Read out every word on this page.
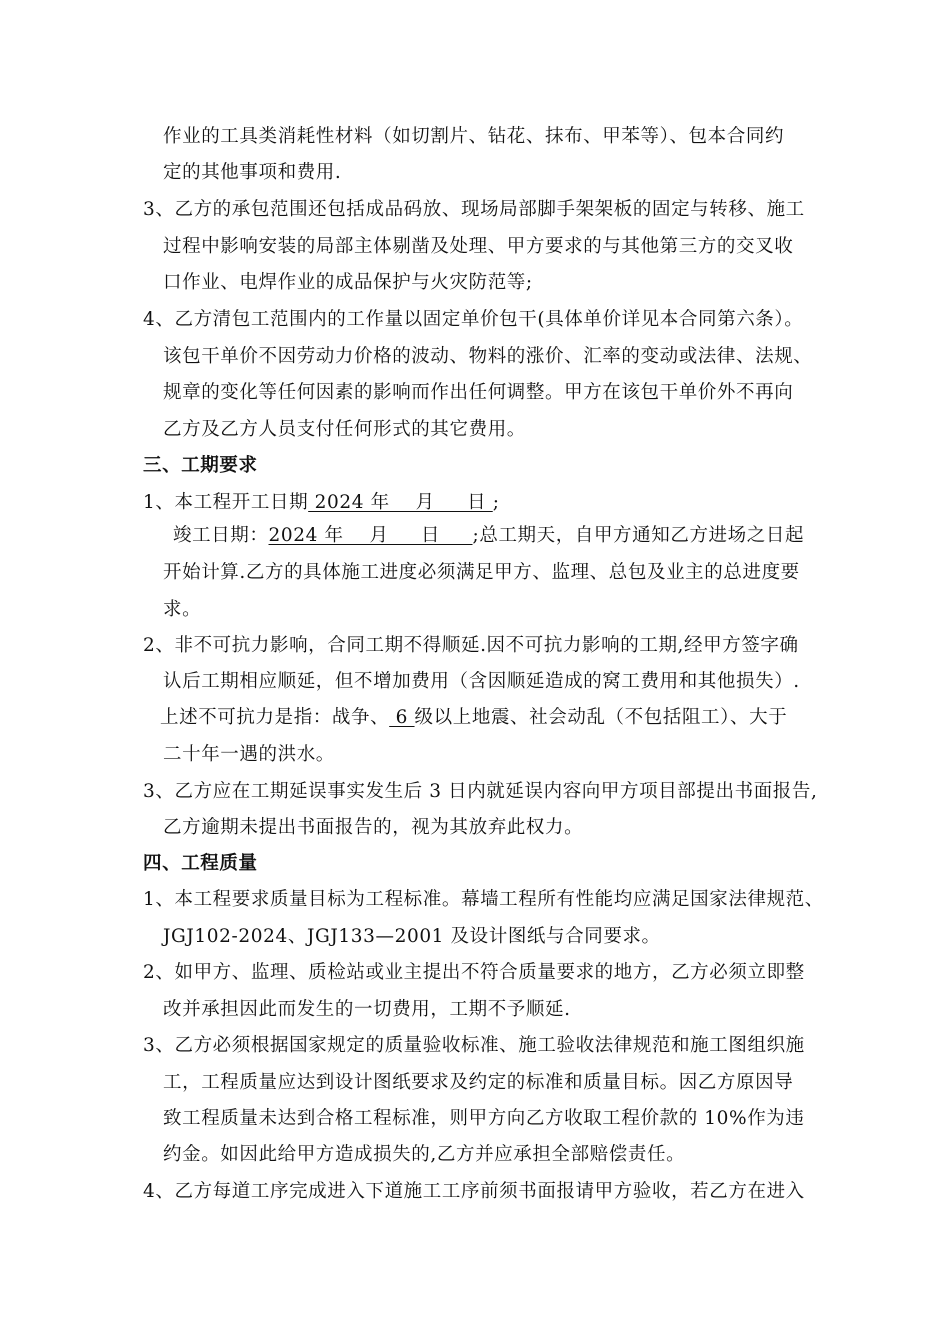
作业的工具类消耗性材料（如切割片、钻花、抹布、甲苯等）、包本合同约
定的其他事项和费用.
3、乙方的承包范围还包括成品码放、现场局部脚手架架板的固定与转移、施工
过程中影响安装的局部主体剔凿及处理、甲方要求的与其他第三方的交叉收
口作业、电焊作业的成品保护与火灾防范等;
4、乙方清包工范围内的工作量以固定单价包干(具体单价详见本合同第六条）。
该包干单价不因劳动力价格的波动、物料的涨价、汇率的变动或法律、法规、
规章的变化等任何因素的影响而作出任何调整。甲方在该包干单价外不再向
乙方及乙方人员支付任何形式的其它费用。
三、工期要求
1、本工程开工日期 2024 年    月     日 ;
竣工日期：2024 年    月     日     ;总工期天，自甲方通知乙方进场之日起
开始计算.乙方的具体施工进度必须满足甲方、监理、总包及业主的总进度要
求。
2、非不可抗力影响，合同工期不得顺延.因不可抗力影响的工期,经甲方签字确
认后工期相应顺延，但不增加费用（含因顺延造成的窝工费用和其他损失）.
上述不可抗力是指：战争、 6 级以上地震、社会动乱（不包括阻工）、大于
二十年一遇的洪水。
3、乙方应在工期延误事实发生后 3 日内就延误内容向甲方项目部提出书面报告,
乙方逾期未提出书面报告的，视为其放弃此权力。
四、工程质量
1、本工程要求质量目标为工程标准。幕墙工程所有性能均应满足国家法律规范、
JGJ102-2024、JGJ133—2001 及设计图纸与合同要求。
2、如甲方、监理、质检站或业主提出不符合质量要求的地方，乙方必须立即整
改并承担因此而发生的一切费用，工期不予顺延.
3、乙方必须根据国家规定的质量验收标准、施工验收法律规范和施工图组织施
工，工程质量应达到设计图纸要求及约定的标准和质量目标。因乙方原因导
致工程质量未达到合格工程标准，则甲方向乙方收取工程价款的 10%作为违
约金。如因此给甲方造成损失的,乙方并应承担全部赔偿责任。
4、乙方每道工序完成进入下道施工工序前须书面报请甲方验收，若乙方在进入
